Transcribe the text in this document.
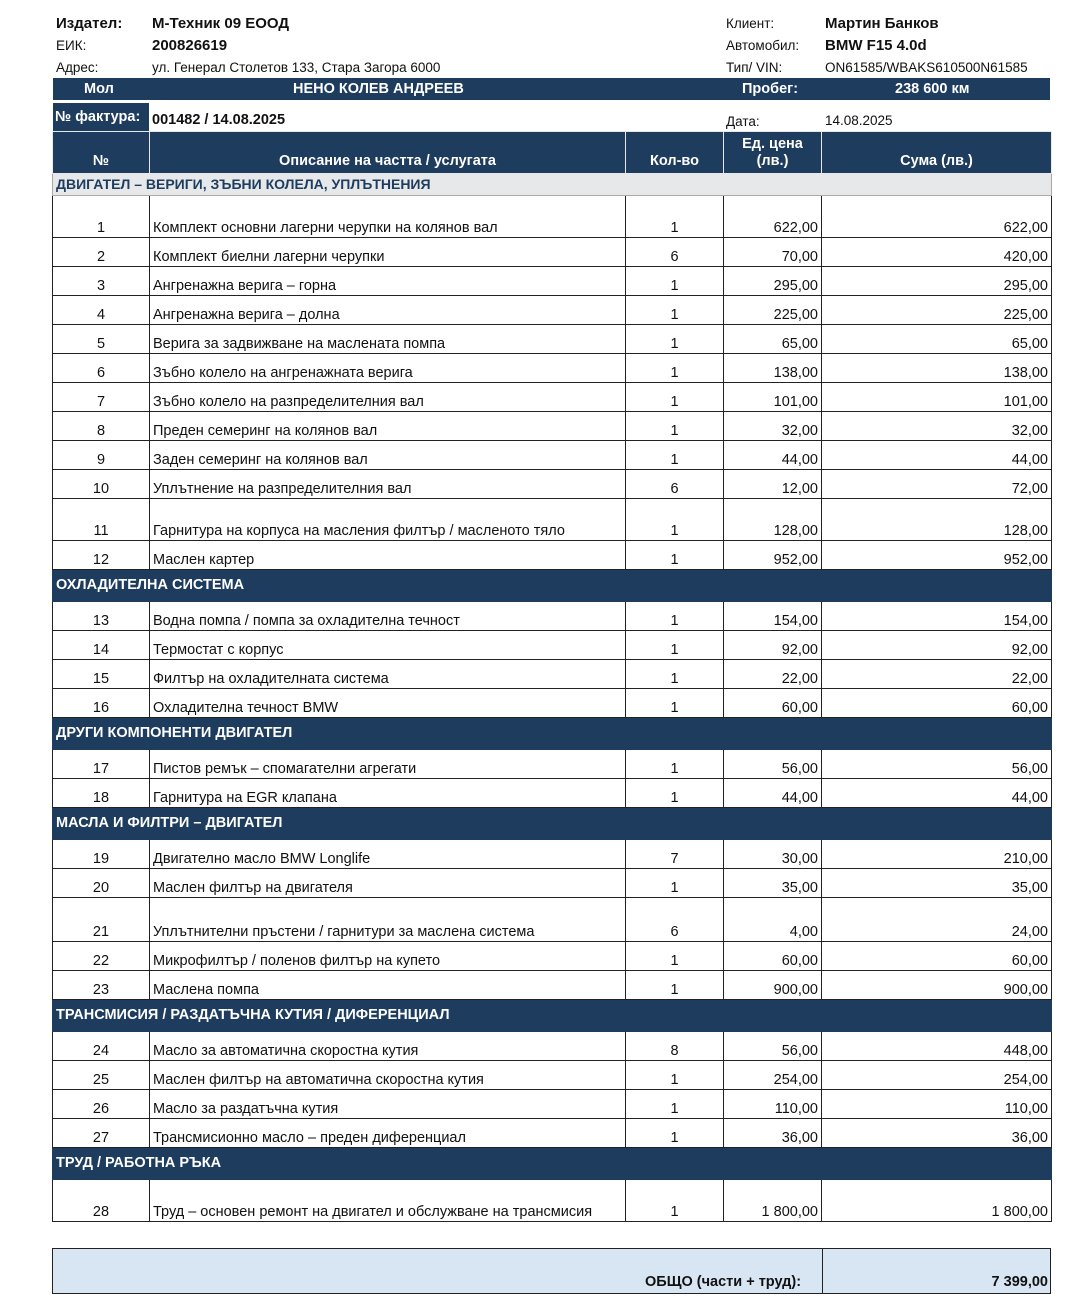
Издател: М-Техник 09 ЕООД
ЕИК:	200826619
Адрес:	ул. Генерал Столетов 133, Стара Загора 6000
Клиент:	Мартин Банков
Автомобил: BMW F15 4.0d
Тип/ VIN:	ON61585/WBAKS610500N61585
Мол	НЕНО КОЛЕВ АНДРЕЕВ	Пробег:	238 600 км
№ фактура: 001482 / 14.08.2025	Дата:	14.08.2025
№	Описание на частта / услугата	Кол-во	Ед. цена
(лв.)	Сума (лв.)
ДВИГАТЕЛ – ВЕРИГИ, ЗЪБНИ КОЛЕЛА, УПЛЪТНЕНИЯ				
1	Комплект основни лагерни черупки на колянов вал	1	622,00	622,00
2	Комплект биелни лагерни черупки	6	70,00	420,00
3	Ангренажна верига – горна	1	295,00	295,00
4	Ангренажна верига – долна	1	225,00	225,00
5	Верига за задвижване на маслената помпа	1	65,00	65,00
6	Зъбно колело на ангренажната верига	1	138,00	138,00
7	Зъбно колело на разпределителния вал	1	101,00	101,00
8	Преден семеринг на колянов вал	1	32,00	32,00
9	Заден семеринг на колянов вал	1	44,00	44,00
10	Уплътнение на разпределителния вал	6	12,00	72,00
11	Гарнитура на корпуса на масления филтър / масленото тяло	1	128,00	128,00
12	Маслен картер	1	952,00	952,00
ОХЛАДИТЕЛНА СИСТЕМА				
13	Водна помпа / помпа за охладителна течност	1	154,00	154,00
14	Термостат с корпус	1	92,00	92,00
15	Филтър на охладителната система	1	22,00	22,00
16	Охладителна течност BMW	1	60,00	60,00
ДРУГИ КОМПОНЕНТИ ДВИГАТЕЛ				
17	Пистов ремък – спомагателни агрегати	1	56,00	56,00
18	Гарнитура на EGR клапана	1	44,00	44,00
МАСЛА И ФИЛТРИ – ДВИГАТЕЛ				
19	Двигателно масло BMW Longlife	7	30,00	210,00
20	Маслен филтър на двигателя	1	35,00	35,00
21	Уплътнителни пръстени / гарнитури за маслена система	6	4,00	24,00
22	Микрофилтър / поленов филтър на купето	1	60,00	60,00
23	Маслена помпа	1	900,00	900,00
ТРАНСМИСИЯ / РАЗДАТЪЧНА КУТИЯ / ДИФЕРЕНЦИАЛ				
24	Масло за автоматична скоростна кутия	8	56,00	448,00
25	Маслен филтър на автоматична скоростна кутия	1	254,00	254,00
26	Масло за раздатъчна кутия	1	110,00	110,00
27	Трансмисионно масло – преден диференциал	1	36,00	36,00
ТРУД / РАБОТНА РЪКА				
28	Труд – основен ремонт на двигател и обслужване на трансмисия	1	1 800,00	1 800,00
ОБЩО (части + труд):	7 399,00
